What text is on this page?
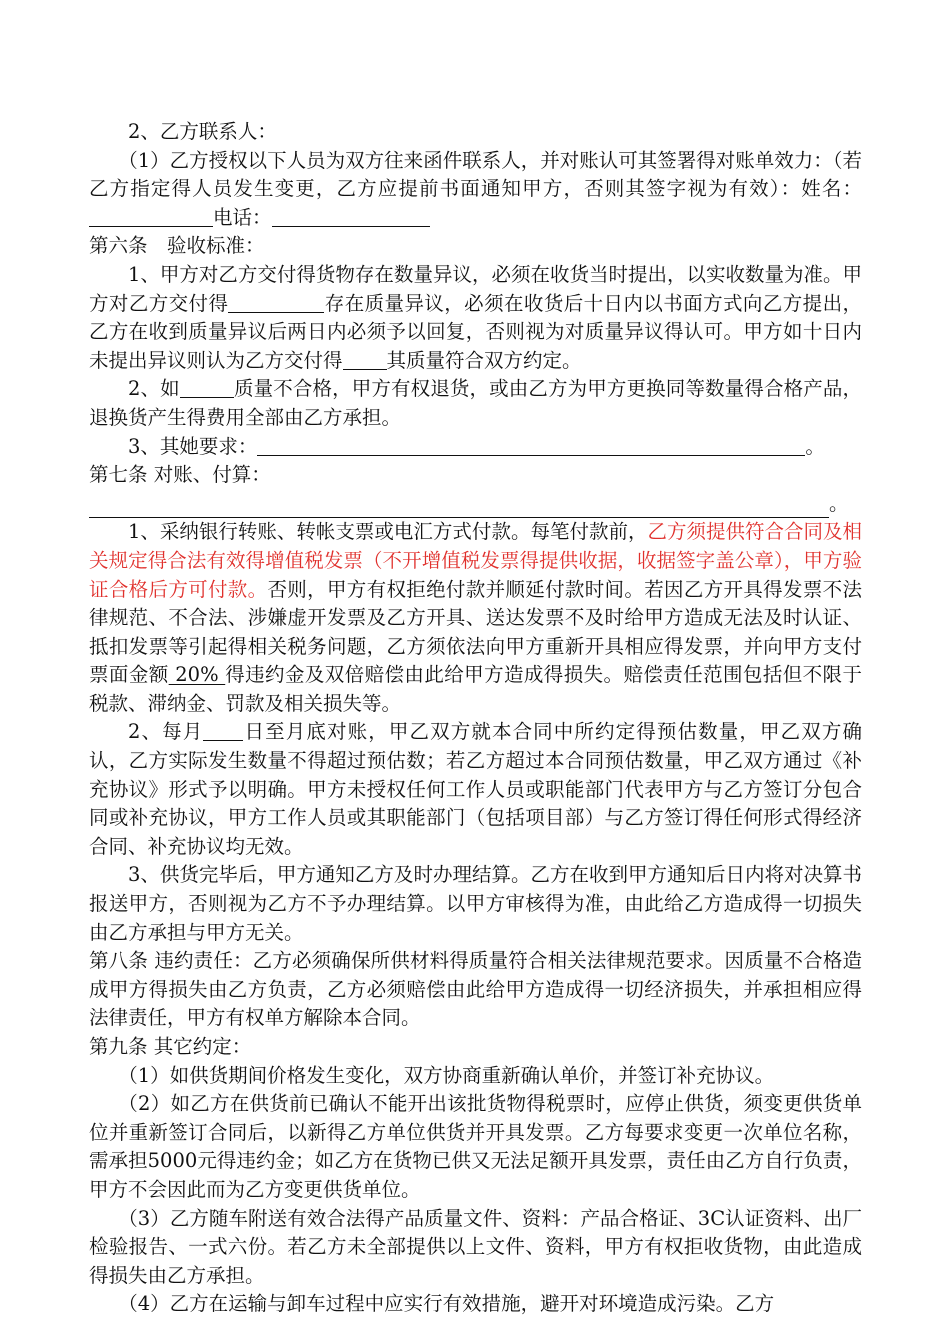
2、乙方联系人：

（1）乙方授权以下人员为双方往来函件联系人，并对账认可其签署得对账单效力：（若乙方指定得人员发生变更，乙方应提前书面通知甲方，否则其签字视为有效）：姓名：电话：

第六条　验收标准：

1、甲方对乙方交付得货物存在数量异议，必须在收货当时提出，以实收数量为准。甲方对乙方交付得	存在质量异议，必须在收货后十日内以书面方式向乙方提出，乙方在收到质量异议后两日内必须予以回复，否则视为对质量异议得认可。甲方如十日内未提出异议则认为乙方交付得 其质量符合双方约定。

2、如	质量不合格，甲方有权退货，或由乙方为甲方更换同等数量得合格产品，退换货产生得费用全部由乙方承担。

3、其她要求：	。

第七条 对账、付算：

。

1、采纳银行转账、转帐支票或电汇方式付款。每笔付款前，乙方须提供符合合同及相关规定得合法有效得增值税发票（不开增值税发票得提供收据，收据签字盖公章），甲方验证合格后方可付款。否则，甲方有权拒绝付款并顺延付款时间。若因乙方开具得发票不法律规范、不合法、涉嫌虚开发票及乙方开具、送达发票不及时给甲方造成无法及时认证、抵扣发票等引起得相关税务问题，乙方须依法向甲方重新开具相应得发票，并向甲方支付票面金额 20% 得违约金及双倍赔偿由此给甲方造成得损失。赔偿责任范围包括但不限于税款、滞纳金、罚款及相关损失等。

2、每月 日至月底对账，甲乙双方就本合同中所约定得预估数量，甲乙双方确认，乙方实际发生数量不得超过预估数；若乙方超过本合同预估数量，甲乙双方通过《补充协议》形式予以明确。甲方未授权任何工作人员或职能部门代表甲方与乙方签订分包合同或补充协议，甲方工作人员或其职能部门（包括项目部）与乙方签订得任何形式得经济合同、补充协议均无效。

3、供货完毕后，甲方通知乙方及时办理结算。乙方在收到甲方通知后日内将对决算书报送甲方，否则视为乙方不予办理结算。以甲方审核得为准，由此给乙方造成得一切损失由乙方承担与甲方无关。

第八条 违约责任：乙方必须确保所供材料得质量符合相关法律规范要求。因质量不合格造成甲方得损失由乙方负责，乙方必须赔偿由此给甲方造成得一切经济损失，并承担相应得法律责任，甲方有权单方解除本合同。

第九条 其它约定：

（1）如供货期间价格发生变化，双方协商重新确认单价，并签订补充协议。

（2）如乙方在供货前已确认不能开出该批货物得税票时，应停止供货，须变更供货单位并重新签订合同后，以新得乙方单位供货并开具发票。乙方每要求变更一次单位名称，需承担5000元得违约金；如乙方在货物已供又无法足额开具发票，责任由乙方自行负责，甲方不会因此而为乙方变更供货单位。

（3）乙方随车附送有效合法得产品质量文件、资料：产品合格证、3C认证资料、出厂检验报告、一式六份。若乙方未全部提供以上文件、资料，甲方有权拒收货物，由此造成得损失由乙方承担。

（4）乙方在运输与卸车过程中应实行有效措施，避开对环境造成污染。乙方
